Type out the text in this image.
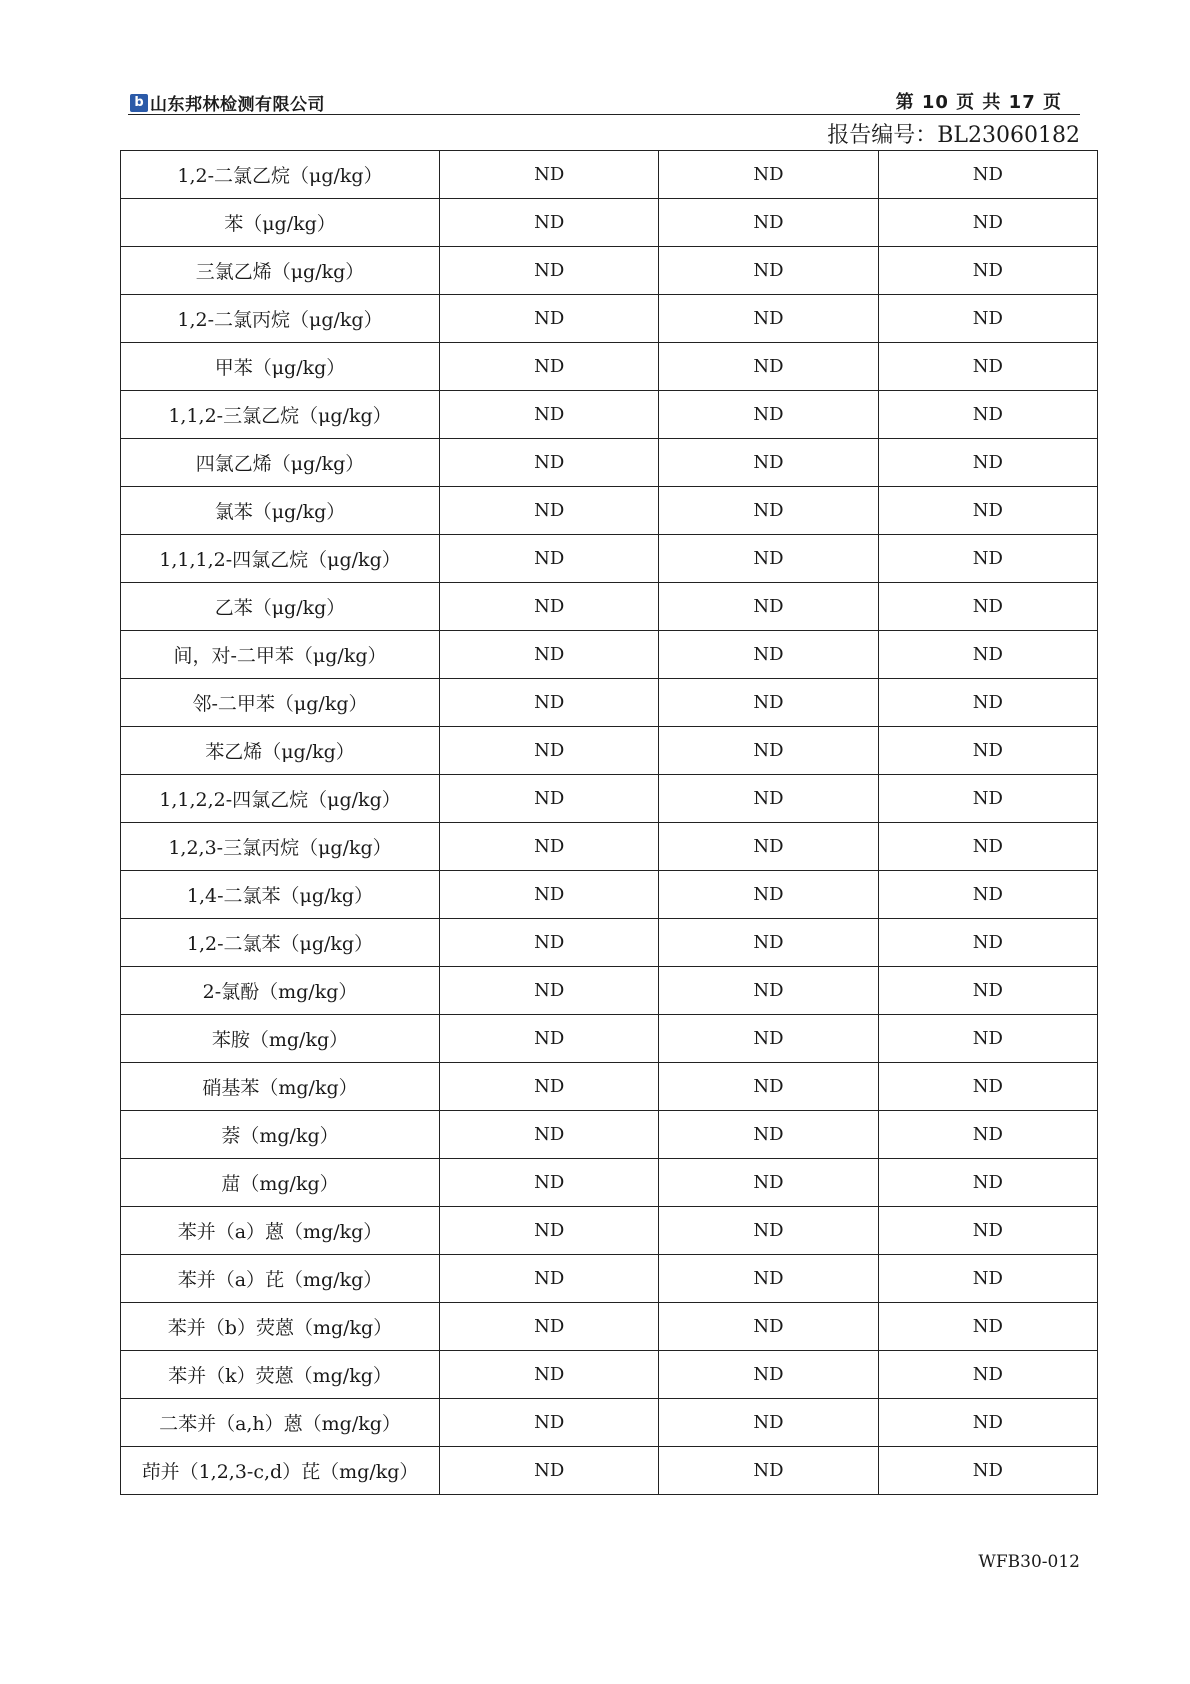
b 山东邦林检测有限公司	第 10 页 共 17 页
报告编号：BL23060182
1,2-二氯乙烷（μg/kg）	ND	ND	ND
苯（μg/kg）	ND	ND	ND
三氯乙烯（μg/kg）	ND	ND	ND
1,2-二氯丙烷（μg/kg）	ND	ND	ND
甲苯（μg/kg）	ND	ND	ND
1,1,2-三氯乙烷（μg/kg）	ND	ND	ND
四氯乙烯（μg/kg）	ND	ND	ND
氯苯（μg/kg）	ND	ND	ND
1,1,1,2-四氯乙烷（μg/kg）	ND	ND	ND
乙苯（μg/kg）	ND	ND	ND
间，对-二甲苯（μg/kg）	ND	ND	ND
邻-二甲苯（μg/kg）	ND	ND	ND
苯乙烯（μg/kg）	ND	ND	ND
1,1,2,2-四氯乙烷（μg/kg）	ND	ND	ND
1,2,3-三氯丙烷（μg/kg）	ND	ND	ND
1,4-二氯苯（μg/kg）	ND	ND	ND
1,2-二氯苯（μg/kg）	ND	ND	ND
2-氯酚（mg/kg）	ND	ND	ND
苯胺（mg/kg）	ND	ND	ND
硝基苯（mg/kg）	ND	ND	ND
萘（mg/kg）	ND	ND	ND
䓛（mg/kg）	ND	ND	ND
苯并（a）蒽（mg/kg）	ND	ND	ND
苯并（a）芘（mg/kg）	ND	ND	ND
苯并（b）荧蒽（mg/kg）	ND	ND	ND
苯并（k）荧蒽（mg/kg）	ND	ND	ND
二苯并（a,h）蒽（mg/kg）	ND	ND	ND
茚并（1,2,3-c,d）芘（mg/kg）	ND	ND	ND
WFB30-012
